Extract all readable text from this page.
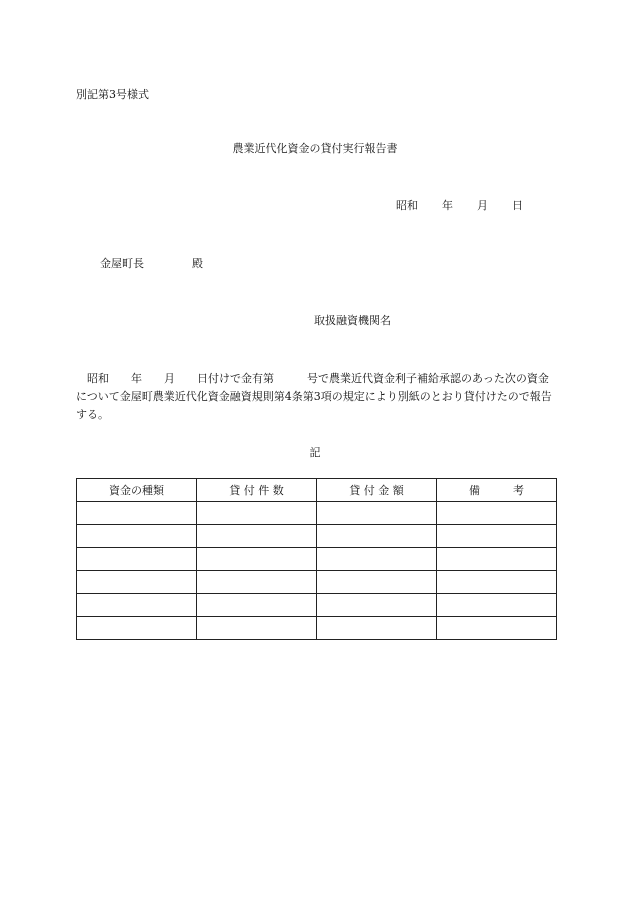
別記第3号様式
農業近代化資金の貸付実行報告書
昭和 年 月 日
金屋町長	殿
取扱融資機関名
　昭和　　年　　月　　日付けで金有第　　　号で農業近代資金利子補給承認のあった次の資金について金屋町農業近代化資金融資規則第4条第3項の規定により別紙のとおり貸付けたので報告する。
記
資金の種類	貸 付 件 数	貸 付 金 額	備　　　考
